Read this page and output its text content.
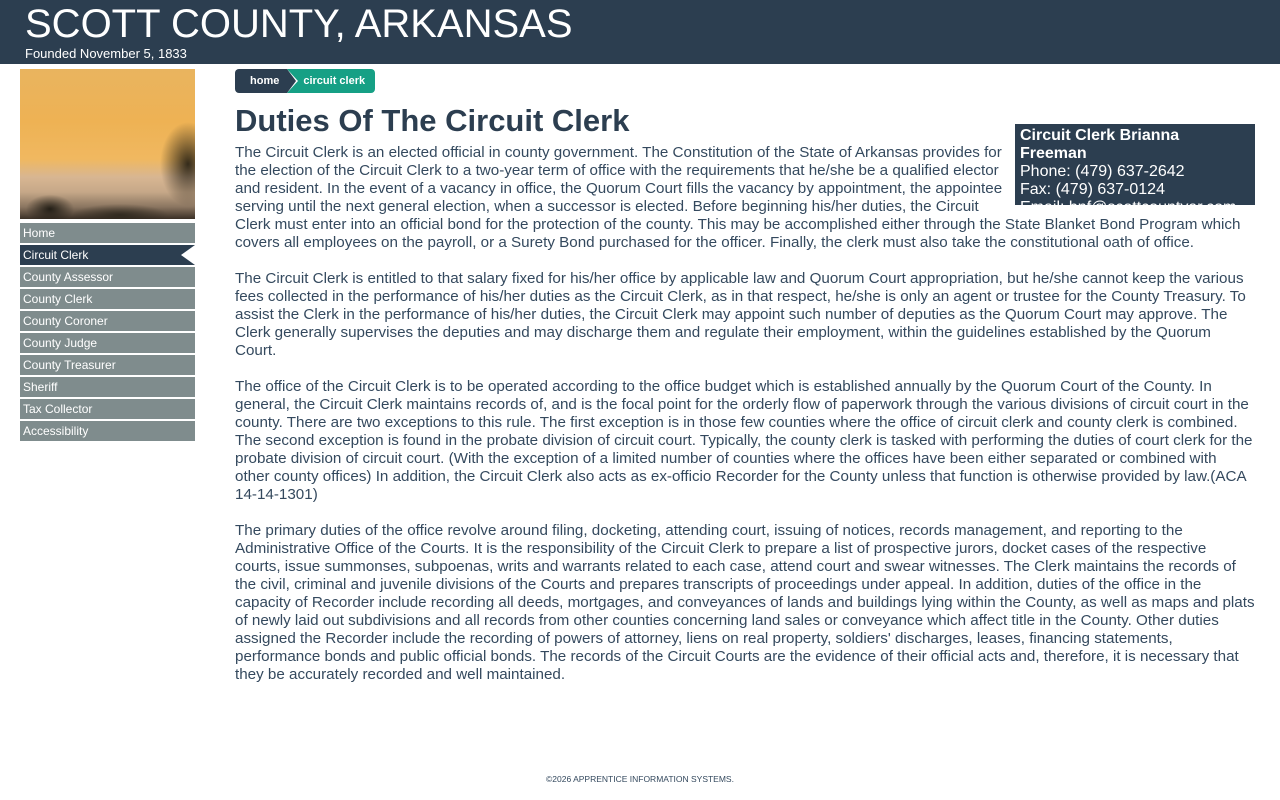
SCOTT COUNTY, ARKANSAS
Founded November 5, 1833
Home
Circuit Clerk
County Assessor
County Clerk
County Coroner
County Judge
County Treasurer
Sheriff
Tax Collector
Accessibility
home	circuit clerk
Duties Of The Circuit Clerk	Circuit Clerk Brianna Freeman
Phone: (479) 637-2642
Fax: (479) 637-0124
Email: bnf@scottcountyar.com

The Circuit Clerk is an elected official in county government. The Constitution of the State of Arkansas provides for the election of the Circuit Clerk to a two-year term of office with the requirements that he/she be a qualified elector and resident. In the event of a vacancy in office, the Quorum Court fills the vacancy by appointment, the appointee serving until the next general election, when a successor is elected. Before beginning his/her duties, the Circuit Clerk must enter into an official bond for the protection of the county. This may be accomplished either through the State Blanket Bond Program which covers all employees on the payroll, or a Surety Bond purchased for the officer. Finally, the clerk must also take the constitutional oath of office.

The Circuit Clerk is entitled to that salary fixed for his/her office by applicable law and Quorum Court appropriation, but he/she cannot keep the various fees collected in the performance of his/her duties as the Circuit Clerk, as in that respect, he/she is only an agent or trustee for the County Treasury. To assist the Clerk in the performance of his/her duties, the Circuit Clerk may appoint such number of deputies as the Quorum Court may approve. The Clerk generally supervises the deputies and may discharge them and regulate their employment, within the guidelines established by the Quorum Court.

The office of the Circuit Clerk is to be operated according to the office budget which is established annually by the Quorum Court of the County. In general, the Circuit Clerk maintains records of, and is the focal point for the orderly flow of paperwork through the various divisions of circuit court in the county. There are two exceptions to this rule. The first exception is in those few counties where the office of circuit clerk and county clerk is combined. The second exception is found in the probate division of circuit court. Typically, the county clerk is tasked with performing the duties of court clerk for the probate division of circuit court. (With the exception of a limited number of counties where the offices have been either separated or combined with other county offices) In addition, the Circuit Clerk also acts as ex-officio Recorder for the County unless that function is otherwise provided by law.(ACA 14-14-1301)

The primary duties of the office revolve around filing, docketing, attending court, issuing of notices, records management, and reporting to the Administrative Office of the Courts. It is the responsibility of the Circuit Clerk to prepare a list of prospective jurors, docket cases of the respective courts, issue summonses, subpoenas, writs and warrants related to each case, attend court and swear witnesses. The Clerk maintains the records of the civil, criminal and juvenile divisions of the Courts and prepares transcripts of proceedings under appeal. In addition, duties of the office in the capacity of Recorder include recording all deeds, mortgages, and conveyances of lands and buildings lying within the County, as well as maps and plats of newly laid out subdivisions and all records from other counties concerning land sales or conveyance which affect title in the County. Other duties assigned the Recorder include the recording of powers of attorney, liens on real property, soldiers' discharges, leases, financing statements, performance bonds and public official bonds. The records of the Circuit Courts are the evidence of their official acts and, therefore, it is necessary that they be accurately recorded and well maintained.

©2026 APPRENTICE INFORMATION SYSTEMS.
